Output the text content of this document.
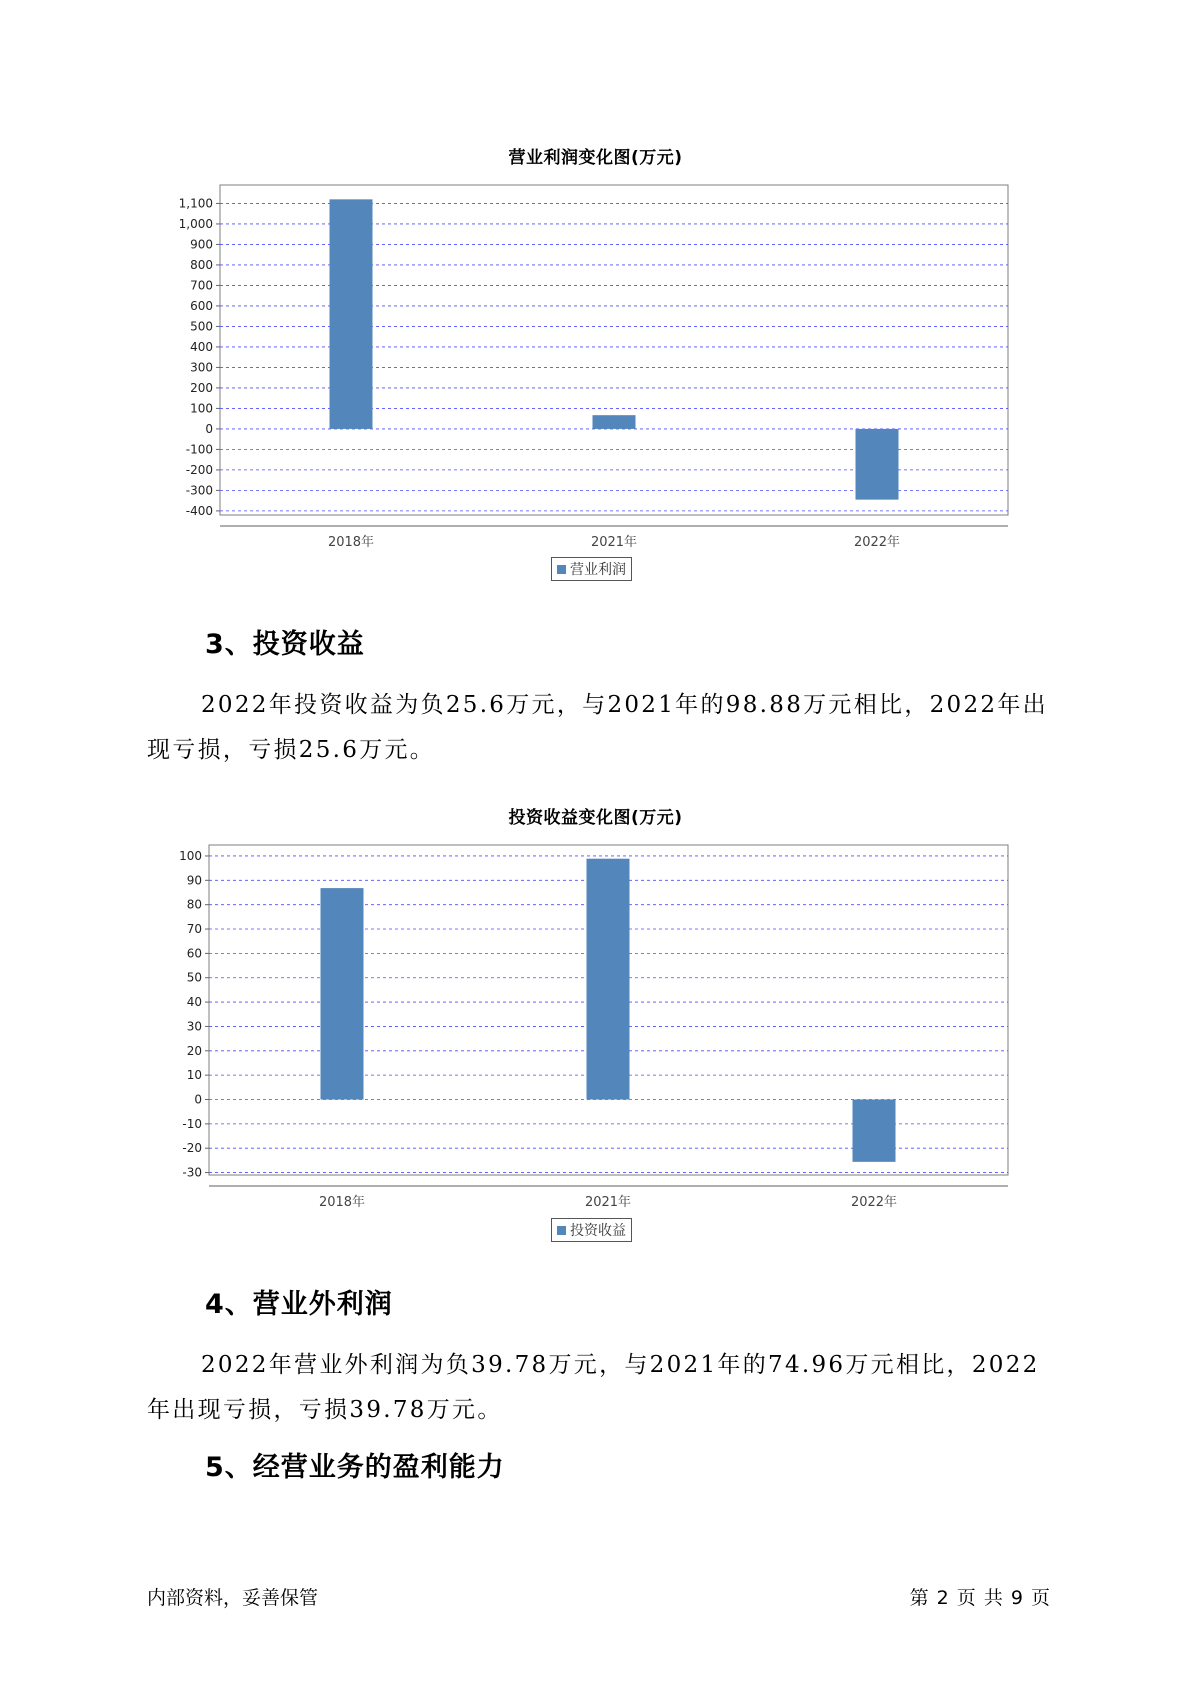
营业利润变化图(万元)
-400
-300
-200
-100
0
100
200
300
400
500
600
700
800
900
1,000
1,100
2018年	2021年	2022年
营业利润
3、投资收益

2022年投资收益为负25.6万元，与2021年的98.88万元相比，2022年出现亏损，亏损25.6万元。

投资收益变化图(万元)
-30
-20
-10
0
10
20
30
40
50
60
70
80
90
100
2018年	2021年	2022年
投资收益
4、营业外利润

2022年营业外利润为负39.78万元，与2021年的74.96万元相比，2022年出现亏损，亏损39.78万元。

5、经营业务的盈利能力
内部资料，妥善保管	第 2 页 共 9 页
